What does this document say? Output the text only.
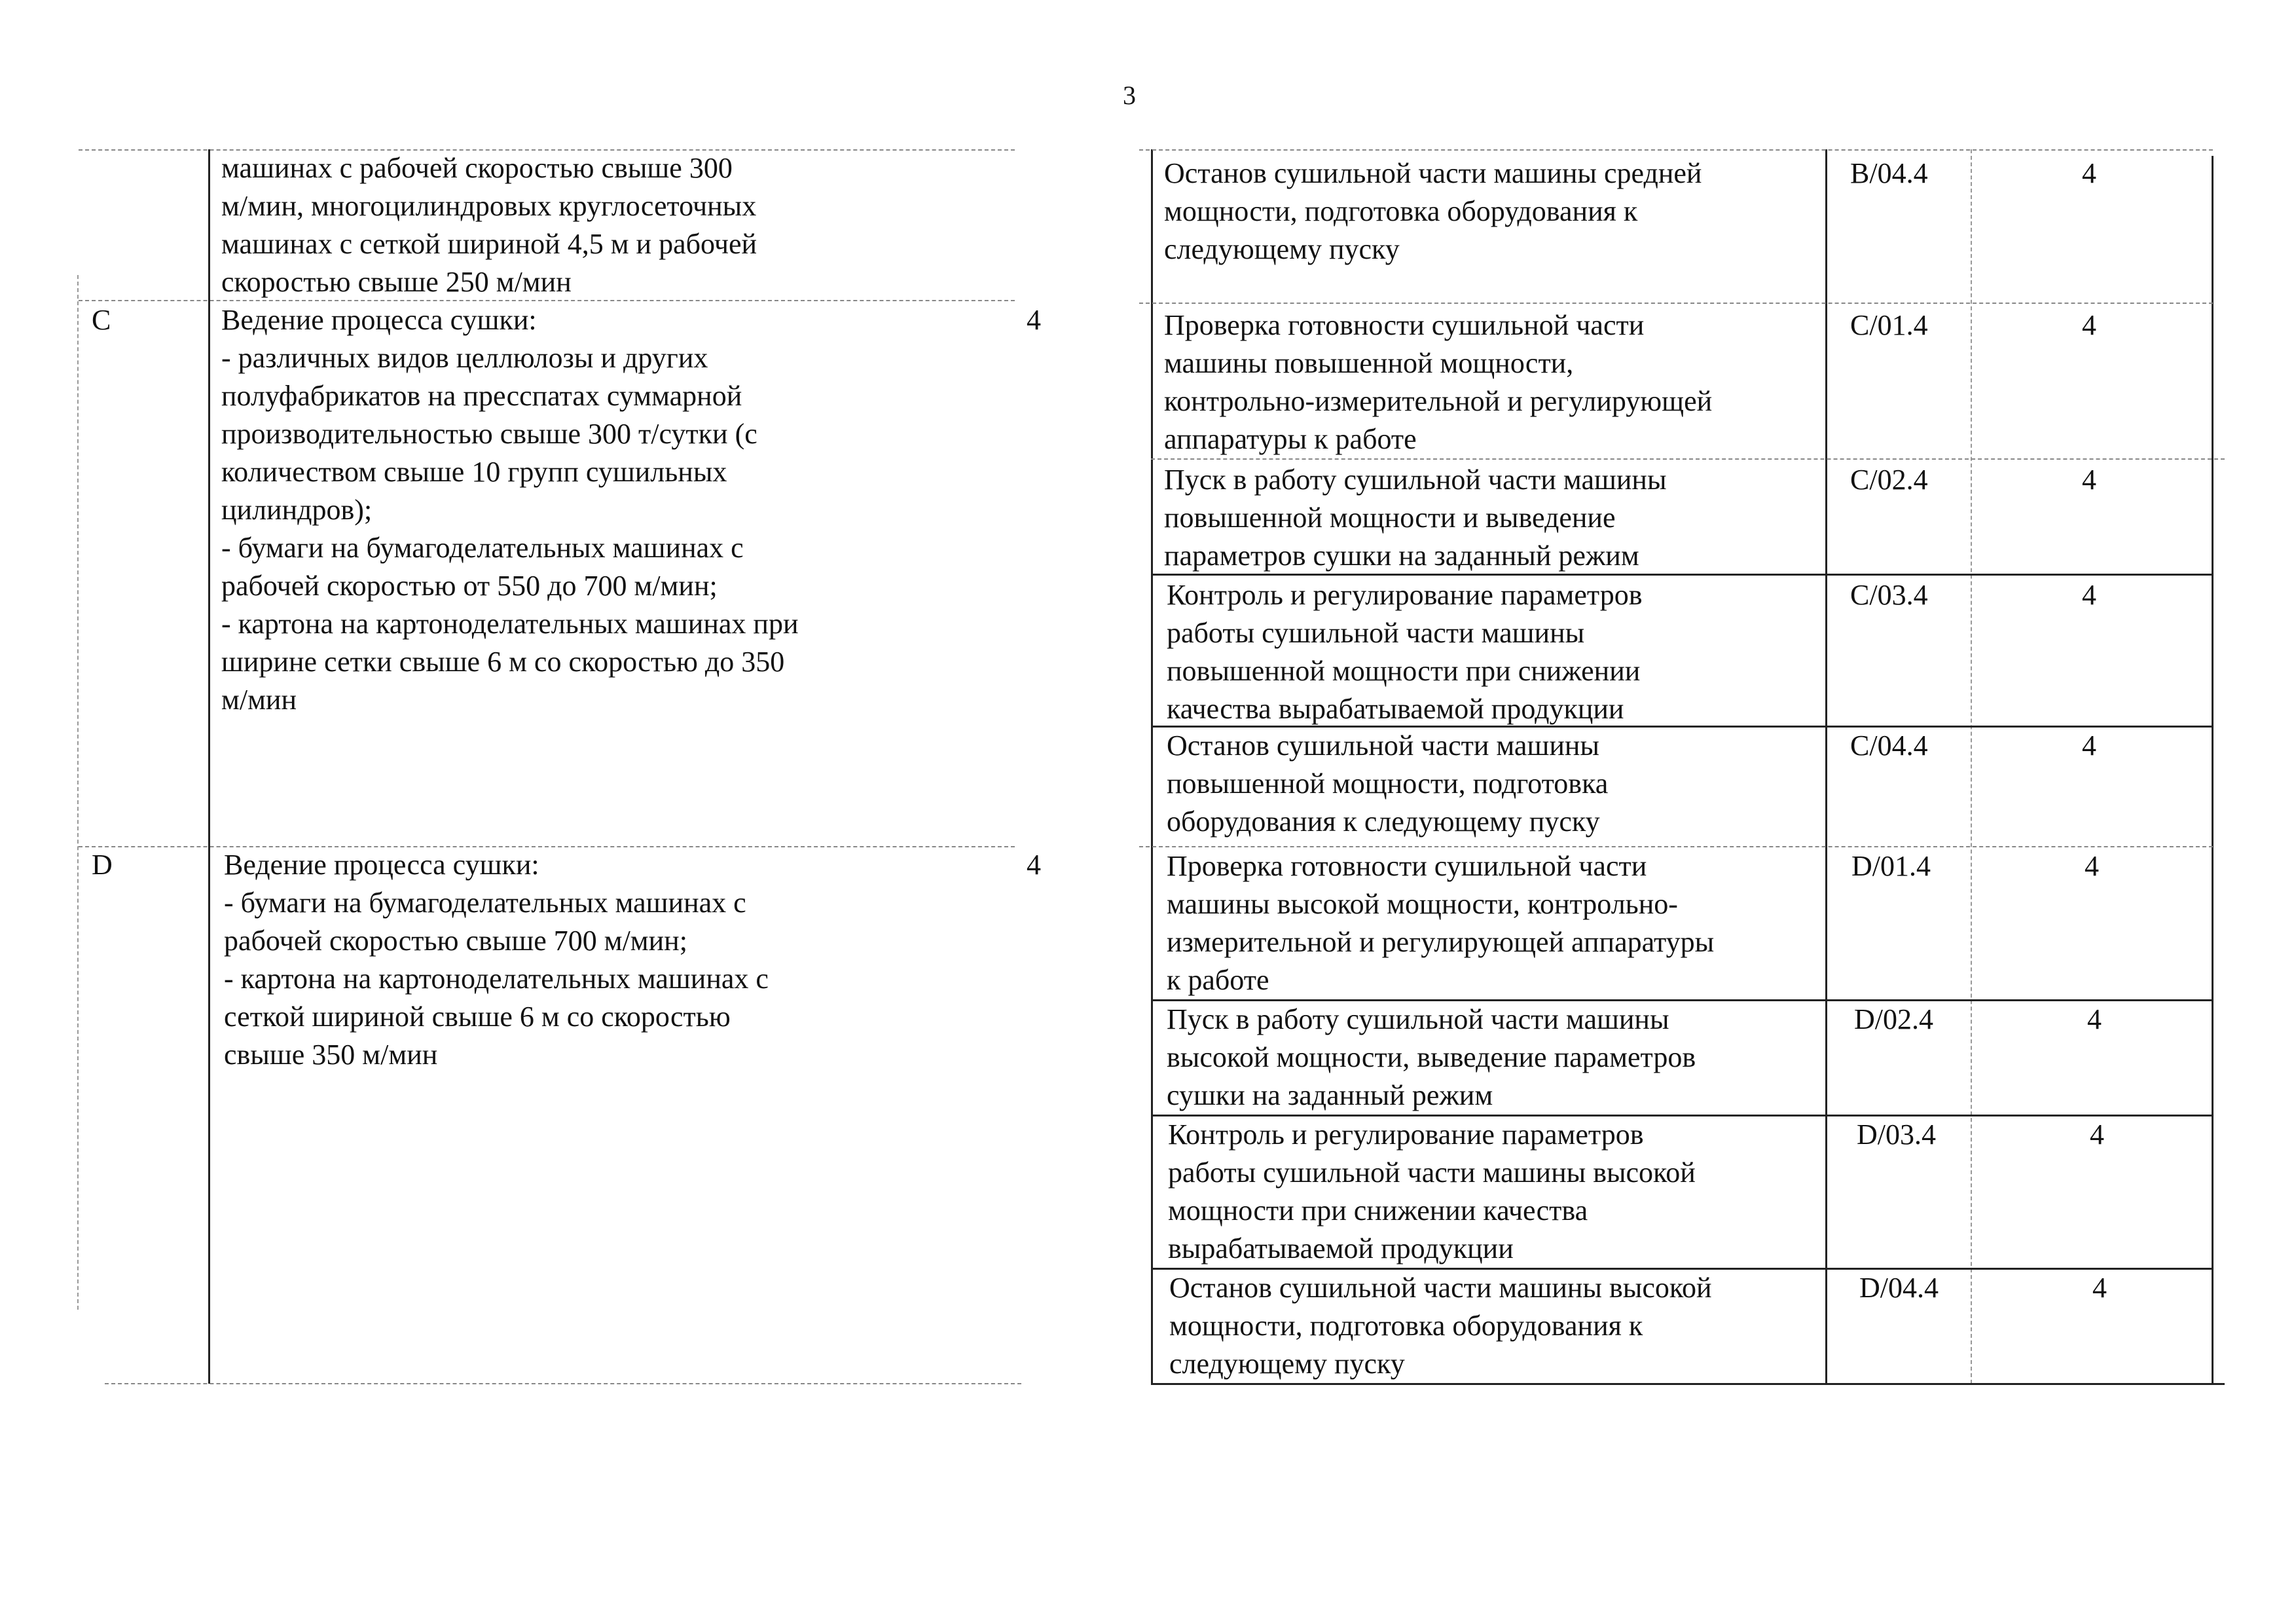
3
машинах с рабочей скоростью свыше 300
м/мин, многоцилиндровых круглосеточных
машинах с сеткой шириной 4,5 м и рабочей
скоростью свыше 250 м/мин
C	Ведение процесса сушки:
- различных видов целлюлозы и других
полуфабрикатов на пресспатах суммарной
производительностью свыше 300 т/сутки (с
количеством свыше 10 групп сушильных
цилиндров);
- бумаги на бумагоделательных машинах с
рабочей скоростью от 550 до 700 м/мин;
- картона на картоноделательных машинах при
ширине сетки свыше 6 м со скоростью до 350
м/мин
4
D	Ведение процесса сушки:
- бумаги на бумагоделательных машинах с
рабочей скоростью свыше 700 м/мин;
- картона на картоноделательных машинах с
сеткой шириной свыше 6 м со скоростью
свыше 350 м/мин
4
Останов сушильной части машины средней
мощности, подготовка оборудования к
следующему пуску
B/04.4	4
Проверка готовности сушильной части
машины повышенной мощности,
контрольно-измерительной и регулирующей
аппаратуры к работе
C/01.4	4
Пуск в работу сушильной части машины
повышенной мощности и выведение
параметров сушки на заданный режим
C/02.4	4
Контроль и регулирование параметров
работы сушильной части машины
повышенной мощности при снижении
качества вырабатываемой продукции
C/03.4	4
Останов сушильной части машины
повышенной мощности, подготовка
оборудования к следующему пуску
C/04.4	4
Проверка готовности сушильной части
машины высокой мощности, контрольно-
измерительной и регулирующей аппаратуры
к работе
D/01.4	4
Пуск в работу сушильной части машины
высокой мощности, выведение параметров
сушки на заданный режим
D/02.4	4
Контроль и регулирование параметров
работы сушильной части машины высокой
мощности при снижении качества
вырабатываемой продукции
D/03.4	4
Останов сушильной части машины высокой
мощности, подготовка оборудования к
следующему пуску
D/04.4	4
